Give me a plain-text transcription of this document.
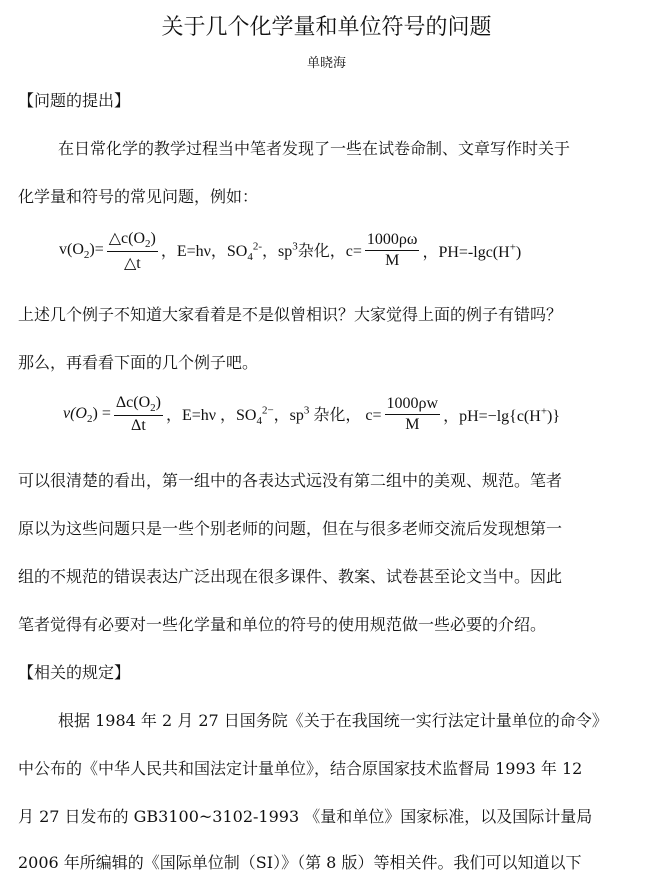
关于几个化学量和单位符号的问题
单晓海
【问题的提出】
在日常化学的教学过程当中笔者发现了一些在试卷命制、文章写作时关于
化学量和符号的常见问题，例如：
$v(O_2)= \frac{\triangle c(O_2)}{\triangle t}$ ，E=hν，$SO_4^{2-}$，$sp^3$杂化，$c= \frac{1000\rho\omega}{M}$ ，PH=-lgc(H+)
上述几个例子不知道大家看着是不是似曾相识？大家觉得上面的例子有错吗？
那么，再看看下面的几个例子吧。
$v(O_2) = \frac{\Delta c(O_2)}{\Delta t}$ ，E=hν ，$SO_4^{2-}$，$sp^3$ 杂化， $c= \frac{1000\rho w}{M}$ ，pH=−lg{c(H+)}
可以很清楚的看出，第一组中的各表达式远没有第二组中的美观、规范。笔者
原以为这些问题只是一些个别老师的问题，但在与很多老师交流后发现想第一
组的不规范的错误表达广泛出现在很多课件、教案、试卷甚至论文当中。因此
笔者觉得有必要对一些化学量和单位的符号的使用规范做一些必要的介绍。
【相关的规定】
根据 1984 年 2 月 27 日国务院《关于在我国统一实行法定计量单位的命令》
中公布的《中华人民共和国法定计量单位》，结合原国家技术监督局 1993 年 12
月 27 日发布的 GB3100~3102-1993 《量和单位》国家标准，以及国际计量局
2006 年所编辑的《国际单位制（SI）》（第 8 版）等相关件。我们可以知道以下
